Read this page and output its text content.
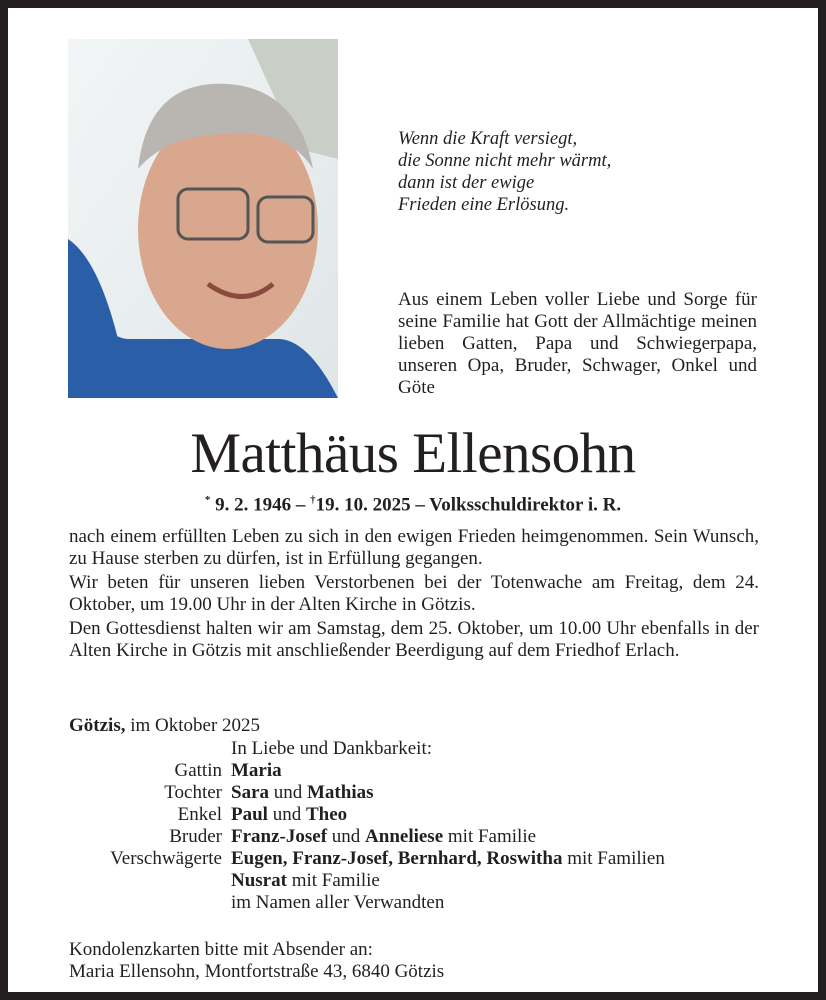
Wenn die Kraft versiegt,
die Sonne nicht mehr wärmt,
dann ist der ewige
Frieden eine Erlösung.
Aus einem Leben voller Liebe und Sorge für seine Familie hat Gott der Allmächtige meinen lieben Gatten, Papa und Schwiegerpapa, unseren Opa, Bruder, Schwager, Onkel und Göte
Matthäus Ellensohn
* 9. 2. 1946 – †19. 10. 2025 – Volksschuldirektor i. R.

nach einem erfüllten Leben zu sich in den ewigen Frieden heimgenommen. Sein Wunsch, zu Hause sterben zu dürfen, ist in Erfüllung gegangen.

Wir beten für unseren lieben Verstorbenen bei der Totenwache am Freitag, dem 24. Oktober, um 19.00 Uhr in der Alten Kirche in Götzis.

Den Gottesdienst halten wir am Samstag, dem 25. Oktober, um 10.00 Uhr ebenfalls in der Alten Kirche in Götzis mit anschließender Beerdigung auf dem Friedhof Erlach.

Götzis, im Oktober 2025
In Liebe und Dankbarkeit:
Gattin Maria
Tochter Sara und Mathias
Enkel Paul und Theo
Bruder Franz-Josef und Anneliese mit Familie
Verschwägerte Eugen, Franz-Josef, Bernhard, Roswitha mit Familien
Nusrat mit Familie
im Namen aller Verwandten
Kondolenzkarten bitte mit Absender an:
Maria Ellensohn, Montfortstraße 43, 6840 Götzis
